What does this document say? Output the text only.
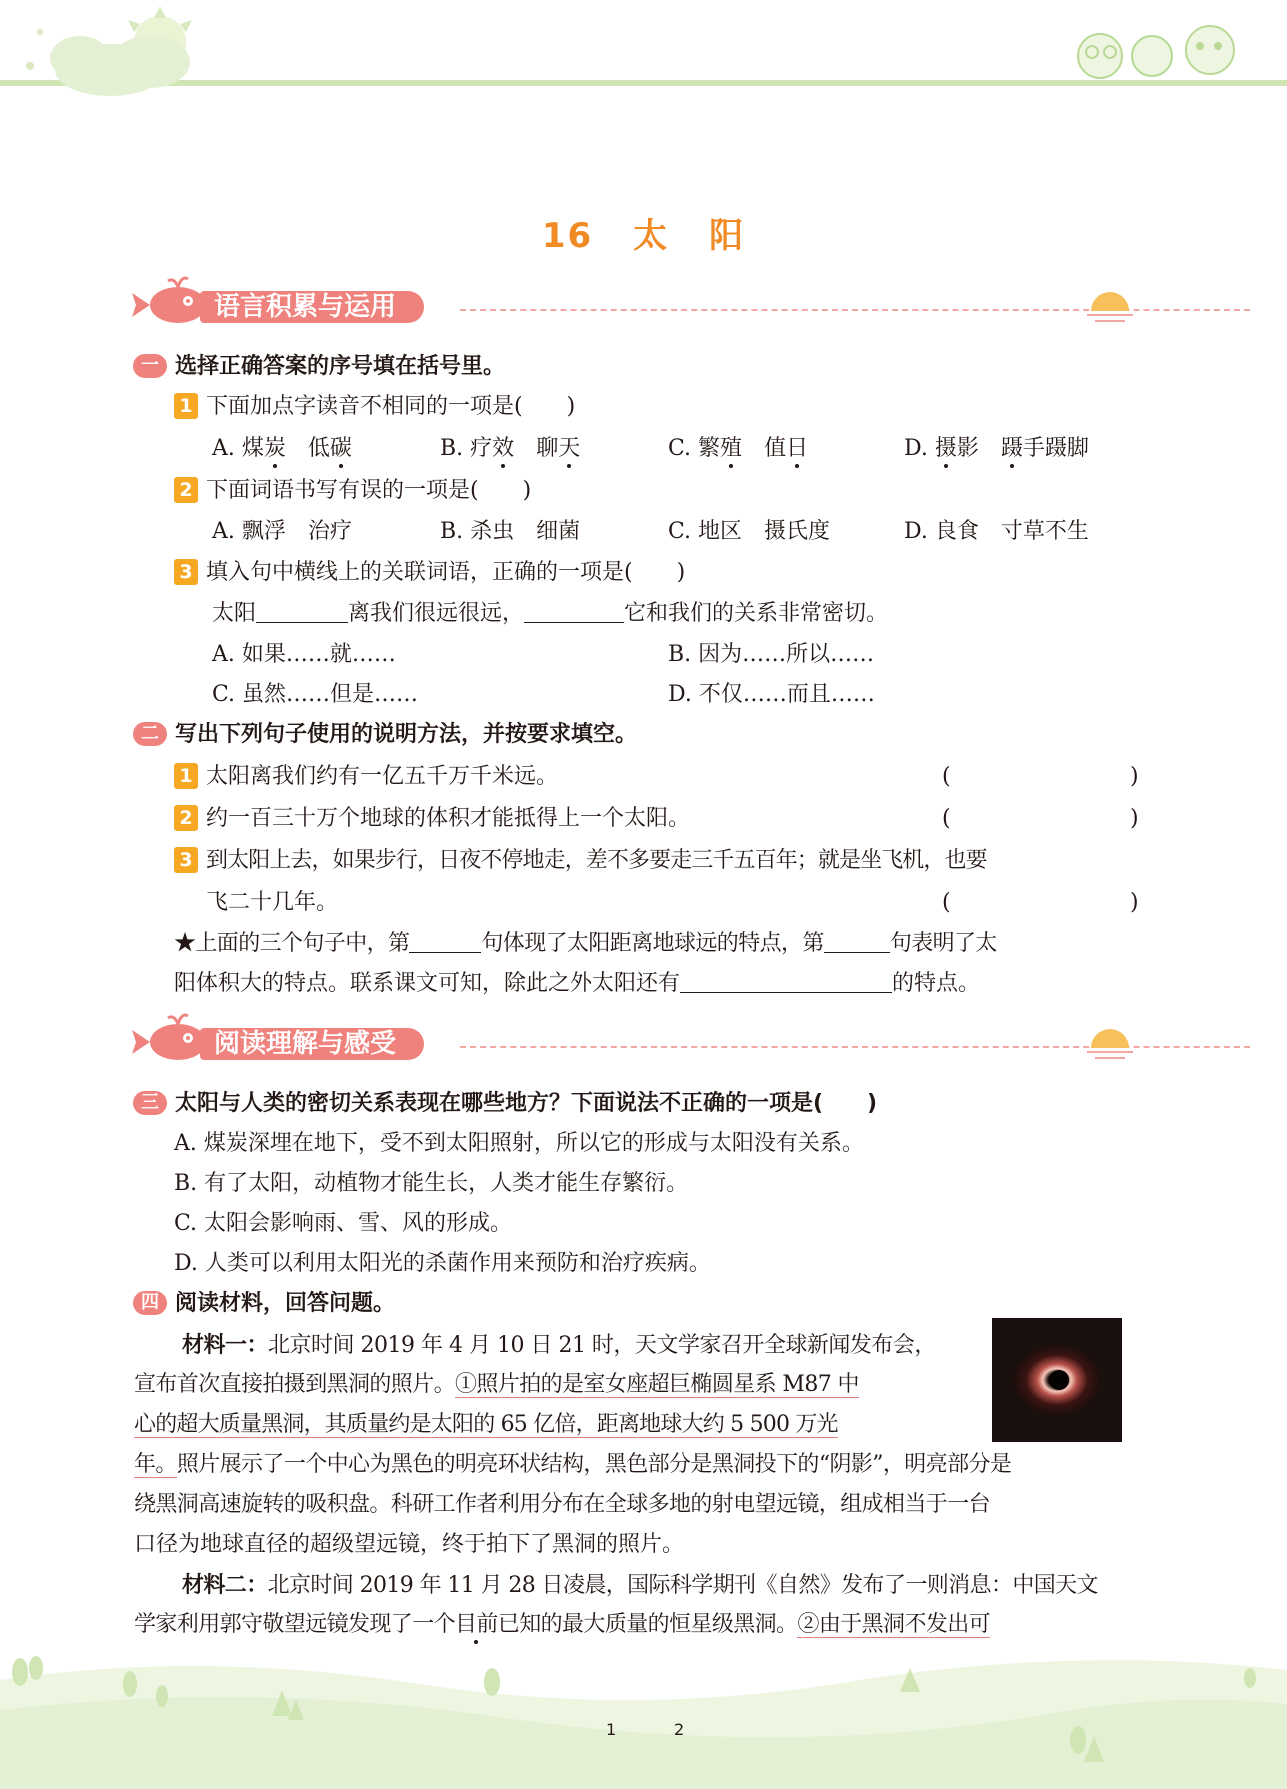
16 太 阳
语言积累与运用
一 选择正确答案的序号填在括号里。
1 下面加点字读音不相同的一项是(　　)
A. 煤炭　 低碳	B. 疗效　 聊天	C. 繁殖　 值日	D. 摄影　 蹑手蹑脚
2 下面词语书写有误的一项是(　　)
A. 飘浮　治疗	B. 杀虫　细菌	C. 地区　摄氏度	D. 良食　寸草不生
3 填入句中横线上的关联词语，正确的一项是(　　)
太阳	离我们很远很远，	它和我们的关系非常密切。
A. 如果……就……	B. 因为……所以……
C. 虽然……但是……	D. 不仅……而且……
二 写出下列句子使用的说明方法，并按要求填空。
1 太阳离我们约有一亿五千万千米远。	(	)
2 约一百三十万个地球的体积才能抵得上一个太阳。	(	)
3 到太阳上去，如果步行，日夜不停地走，差不多要走三千五百年；就是坐飞机，也要
飞二十几年。	(	)
★上面的三个句子中，第	句体现了太阳距离地球远的特点，第	句表明了太
阳体积大的特点。联系课文可知，除此之外太阳还有	的特点。
阅读理解与感受
三 太阳与人类的密切关系表现在哪些地方？下面说法不正确的一项是(　　)
A. 煤炭深埋在地下，受不到太阳照射，所以它的形成与太阳没有关系。
B. 有了太阳，动植物才能生长，人类才能生存繁衍。
C. 太阳会影响雨、雪、风的形成。
D. 人类可以利用太阳光的杀菌作用来预防和治疗疾病。
四 阅读材料，回答问题。
材料一：北京时间 2019 年 4 月 10 日 21 时，天文学家召开全球新闻发布会，
宣布首次直接拍摄到黑洞的照片。①照片拍的是室女座超巨椭圆星系 M87 中
心的超大质量黑洞，其质量约是太阳的 65 亿倍，距离地球大约 5 500 万光
年。照片展示了一个中心为黑色的明亮环状结构，黑色部分是黑洞投下的“阴影”，明亮部分是
绕黑洞高速旋转的吸积盘。科研工作者利用分布在全球多地的射电望远镜，组成相当于一台
口径为地球直径的超级望远镜，终于拍下了黑洞的照片。
材料二：北京时间 2019 年 11 月 28 日凌晨，国际科学期刊《自然》发布了一则消息：中国天文
学家利用郭守敬望远镜发现了一个目前已知的最大质量的恒星级黑洞。②由于黑洞不发出可
1	2
